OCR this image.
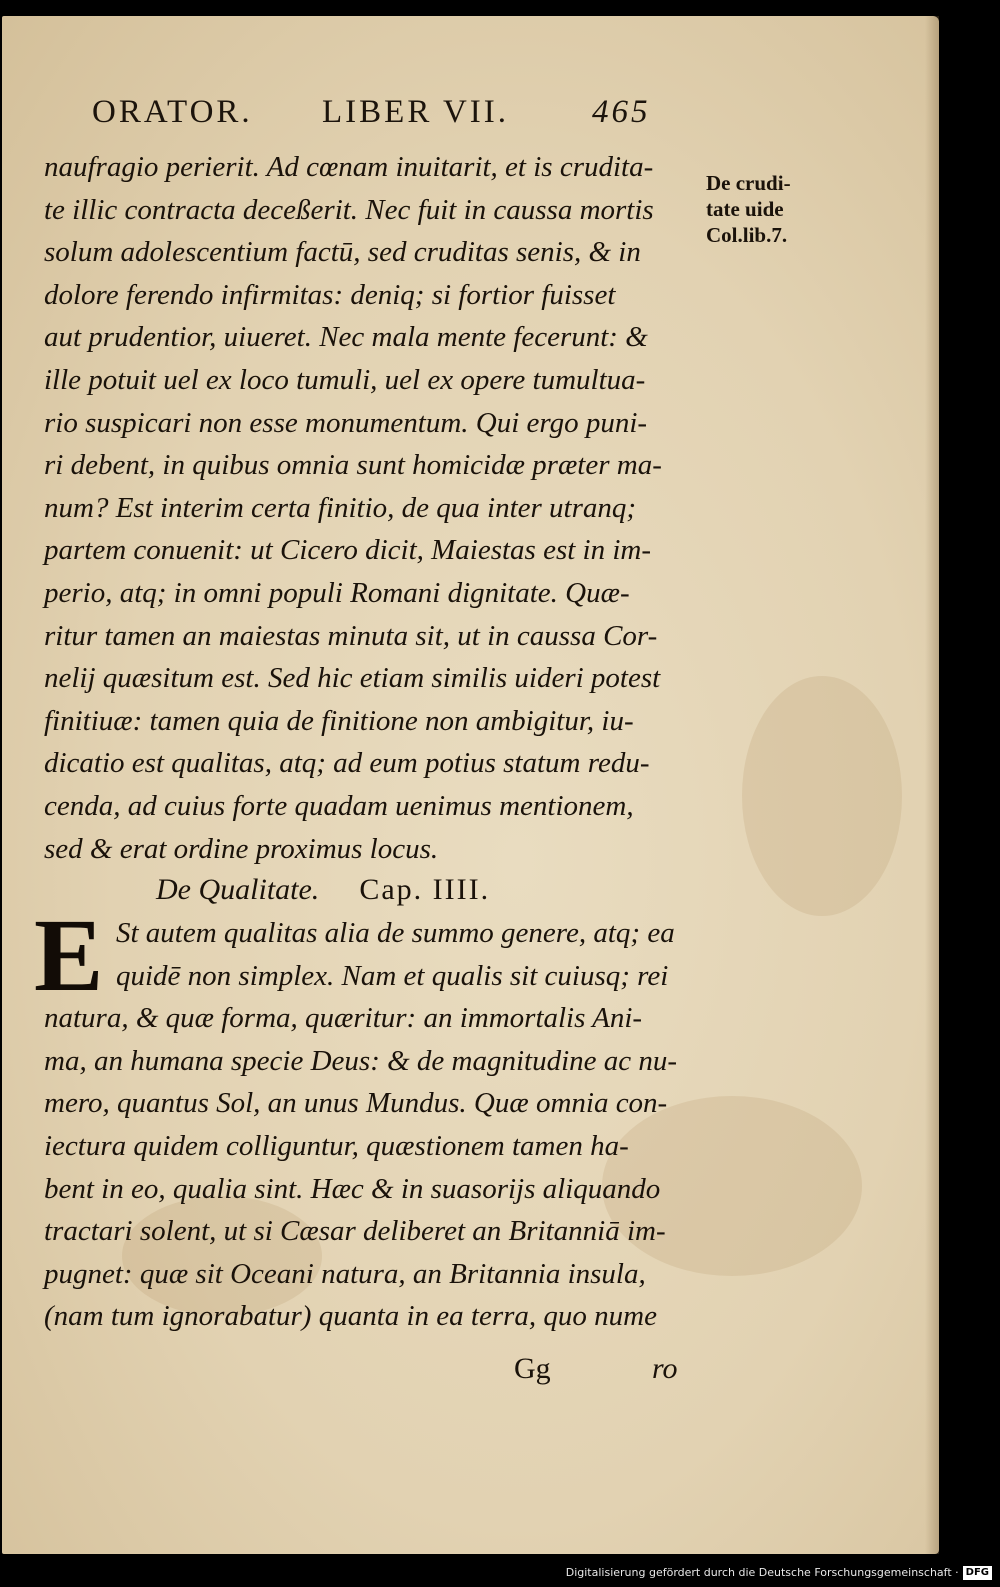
ORATOR. LIBER VII.	465
De crudi-
tate uide
Col.lib.7.
naufragio perierit. Ad cœnam inuitarit, et is crudita-
te illic contracta deceßerit. Nec fuit in caussa mortis
solum adolescentium factū, sed cruditas senis, & in
dolore ferendo infirmitas: deniq; si fortior fuisset
aut prudentior, uiueret. Nec mala mente fecerunt: &
ille potuit uel ex loco tumuli, uel ex opere tumultua-
rio suspicari non esse monumentum. Qui ergo puni-
ri debent, in quibus omnia sunt homicidæ præter ma-
num? Est interim certa finitio, de qua inter utranq;
partem conuenit: ut Cicero dicit, Maiestas est in im-
perio, atq; in omni populi Romani dignitate. Quæ-
ritur tamen an maiestas minuta sit, ut in caussa Cor-
nelij quæsitum est. Sed hic etiam similis uideri potest
finitiuæ: tamen quia de finitione non ambigitur, iu-
dicatio est qualitas, atq; ad eum potius statum redu-
cenda, ad cuius forte quadam uenimus mentionem,
sed & erat ordine proximus locus.
De Qualitate. Cap. IIII.
E St autem qualitas alia de summo genere, atq; ea
quidē non simplex. Nam et qualis sit cuiusq; rei
natura, & quæ forma, quæritur: an immortalis Ani-
ma, an humana specie Deus: & de magnitudine ac nu-
mero, quantus Sol, an unus Mundus. Quæ omnia con-
iectura quidem colliguntur, quæstionem tamen ha-
bent in eo, qualia sint. Hæc & in suasorijs aliquando
tractari solent, ut si Cæsar deliberet an Britanniā im-
pugnet: quæ sit Oceani natura, an Britannia insula,
(nam tum ignorabatur) quanta in ea terra, quo nume
Gg	ro
Digitalisierung gefördert durch die Deutsche Forschungsgemeinschaft · DFG
